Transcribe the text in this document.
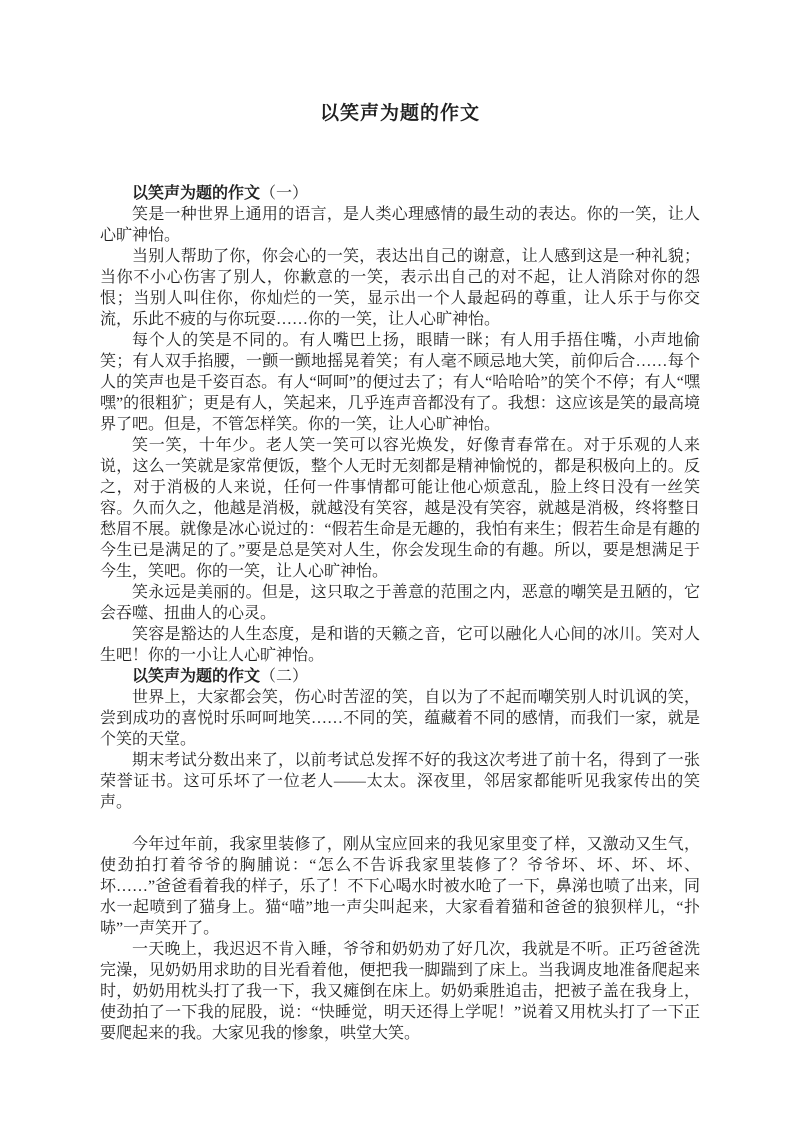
以笑声为题的作文
以笑声为题的作文（一）

笑是一种世界上通用的语言，是人类心理感情的最生动的表达。你的一笑，让人心旷神怡。

当别人帮助了你，你会心的一笑，表达出自己的谢意，让人感到这是一种礼貌；当你不小心伤害了别人，你歉意的一笑，表示出自己的对不起，让人消除对你的怨恨；当别人叫住你，你灿烂的一笑，显示出一个人最起码的尊重，让人乐于与你交流，乐此不疲的与你玩耍……你的一笑，让人心旷神怡。

每个人的笑是不同的。有人嘴巴上扬，眼睛一眯；有人用手捂住嘴，小声地偷笑；有人双手掐腰，一颤一颤地摇晃着笑；有人毫不顾忌地大笑，前仰后合……每个人的笑声也是千姿百态。有人“呵呵”的便过去了；有人“哈哈哈”的笑个不停；有人“嘿嘿”的很粗犷；更是有人，笑起来，几乎连声音都没有了。我想：这应该是笑的最高境界了吧。但是，不管怎样笑。你的一笑，让人心旷神怡。

笑一笑，十年少。老人笑一笑可以容光焕发，好像青春常在。对于乐观的人来说，这么一笑就是家常便饭，整个人无时无刻都是精神愉悦的，都是积极向上的。反之，对于消极的人来说，任何一件事情都可能让他心烦意乱，脸上终日没有一丝笑容。久而久之，他越是消极，就越没有笑容，越是没有笑容，就越是消极，终将整日愁眉不展。就像是冰心说过的：“假若生命是无趣的，我怕有来生；假若生命是有趣的今生已是满足的了。”要是总是笑对人生，你会发现生命的有趣。所以，要是想满足于今生，笑吧。你的一笑，让人心旷神怡。

笑永远是美丽的。但是，这只取之于善意的范围之内，恶意的嘲笑是丑陋的，它会吞噬、扭曲人的心灵。

笑容是豁达的人生态度，是和谐的天籁之音，它可以融化人心间的冰川。笑对人生吧！你的一小让人心旷神怡。

以笑声为题的作文（二）

世界上，大家都会笑，伤心时苦涩的笑，自以为了不起而嘲笑别人时讥讽的笑，尝到成功的喜悦时乐呵呵地笑……不同的笑，蕴藏着不同的感情，而我们一家，就是个笑的天堂。

期末考试分数出来了，以前考试总发挥不好的我这次考进了前十名，得到了一张荣誉证书。这可乐坏了一位老人――太太。深夜里，邻居家都能听见我家传出的笑声。

今年过年前，我家里装修了，刚从宝应回来的我见家里变了样，又激动又生气，使劲拍打着爷爷的胸脯说：“怎么不告诉我家里装修了？爷爷坏、坏、坏、坏、坏……”爸爸看着我的样子，乐了！不下心喝水时被水呛了一下，鼻涕也喷了出来，同水一起喷到了猫身上。猫“喵”地一声尖叫起来，大家看着猫和爸爸的狼狈样儿，“扑哧”一声笑开了。

一天晚上，我迟迟不肯入睡，爷爷和奶奶劝了好几次，我就是不听。正巧爸爸洗完澡，见奶奶用求助的目光看着他，便把我一脚踹到了床上。当我调皮地准备爬起来时，奶奶用枕头打了我一下，我又瘫倒在床上。奶奶乘胜追击，把被子盖在我身上，使劲拍了一下我的屁股，说：“快睡觉，明天还得上学呢！”说着又用枕头打了一下正要爬起来的我。大家见我的惨象，哄堂大笑。
